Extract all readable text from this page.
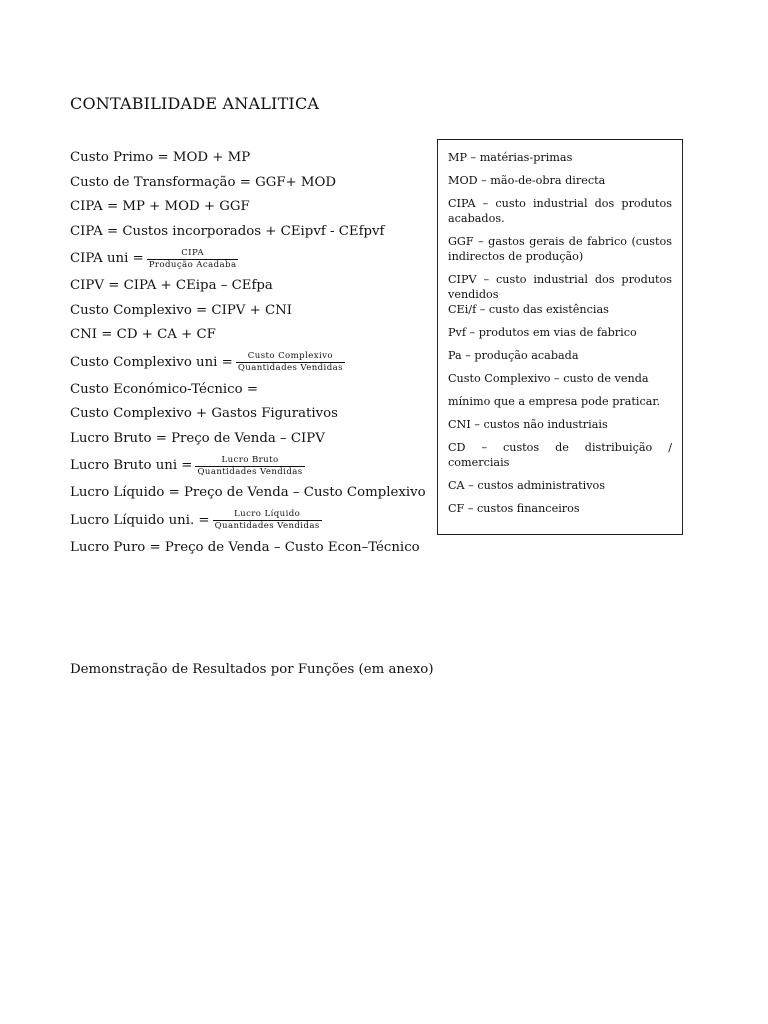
CONTABILIDADE ANALITICA
Custo Primo = MOD + MP
Custo de Transformação = GGF+ MOD
CIPA = MP + MOD + GGF
CIPA = Custos incorporados + CEipvf - CEfpvf
CIPA uni = $\frac{\text{CIPA}}{\text{Produção Acadaba}}$
CIPV = CIPA + CEipa – CEfpa
Custo Complexivo = CIPV + CNI
CNI = CD + CA + CF
Custo Complexivo uni = $\frac{\text{Custo Complexivo}}{\text{Quantidades Vendidas}}$
Custo Económico-Técnico =
Custo Complexivo + Gastos Figurativos
Lucro Bruto = Preço de Venda – CIPV
Lucro Bruto uni = $\frac{\text{Lucro Bruto}}{\text{Quantidades Vendidas}}$
Lucro Líquido = Preço de Venda – Custo Complexivo
Lucro Líquido uni. = $\frac{\text{Lucro Líquido}}{\text{Quantidades Vendidas}}$
Lucro Puro = Preço de Venda – Custo Econ–Técnico
MP – matérias-primas
MOD – mão-de-obra directa
CIPA – custo industrial dos produtos acabados.
GGF – gastos gerais de fabrico (custos indirectos de produção)
CIPV – custo industrial dos produtos vendidos
CEi/f – custo das existências
Pvf – produtos em vias de fabrico
Pa – produção acabada
Custo Complexivo – custo de venda
mínimo que a empresa pode praticar.
CNI – custos não industriais
CD – custos de distribuição / comerciais
CA – custos administrativos
CF – custos financeiros
Demonstração de Resultados por Funções (em anexo)
